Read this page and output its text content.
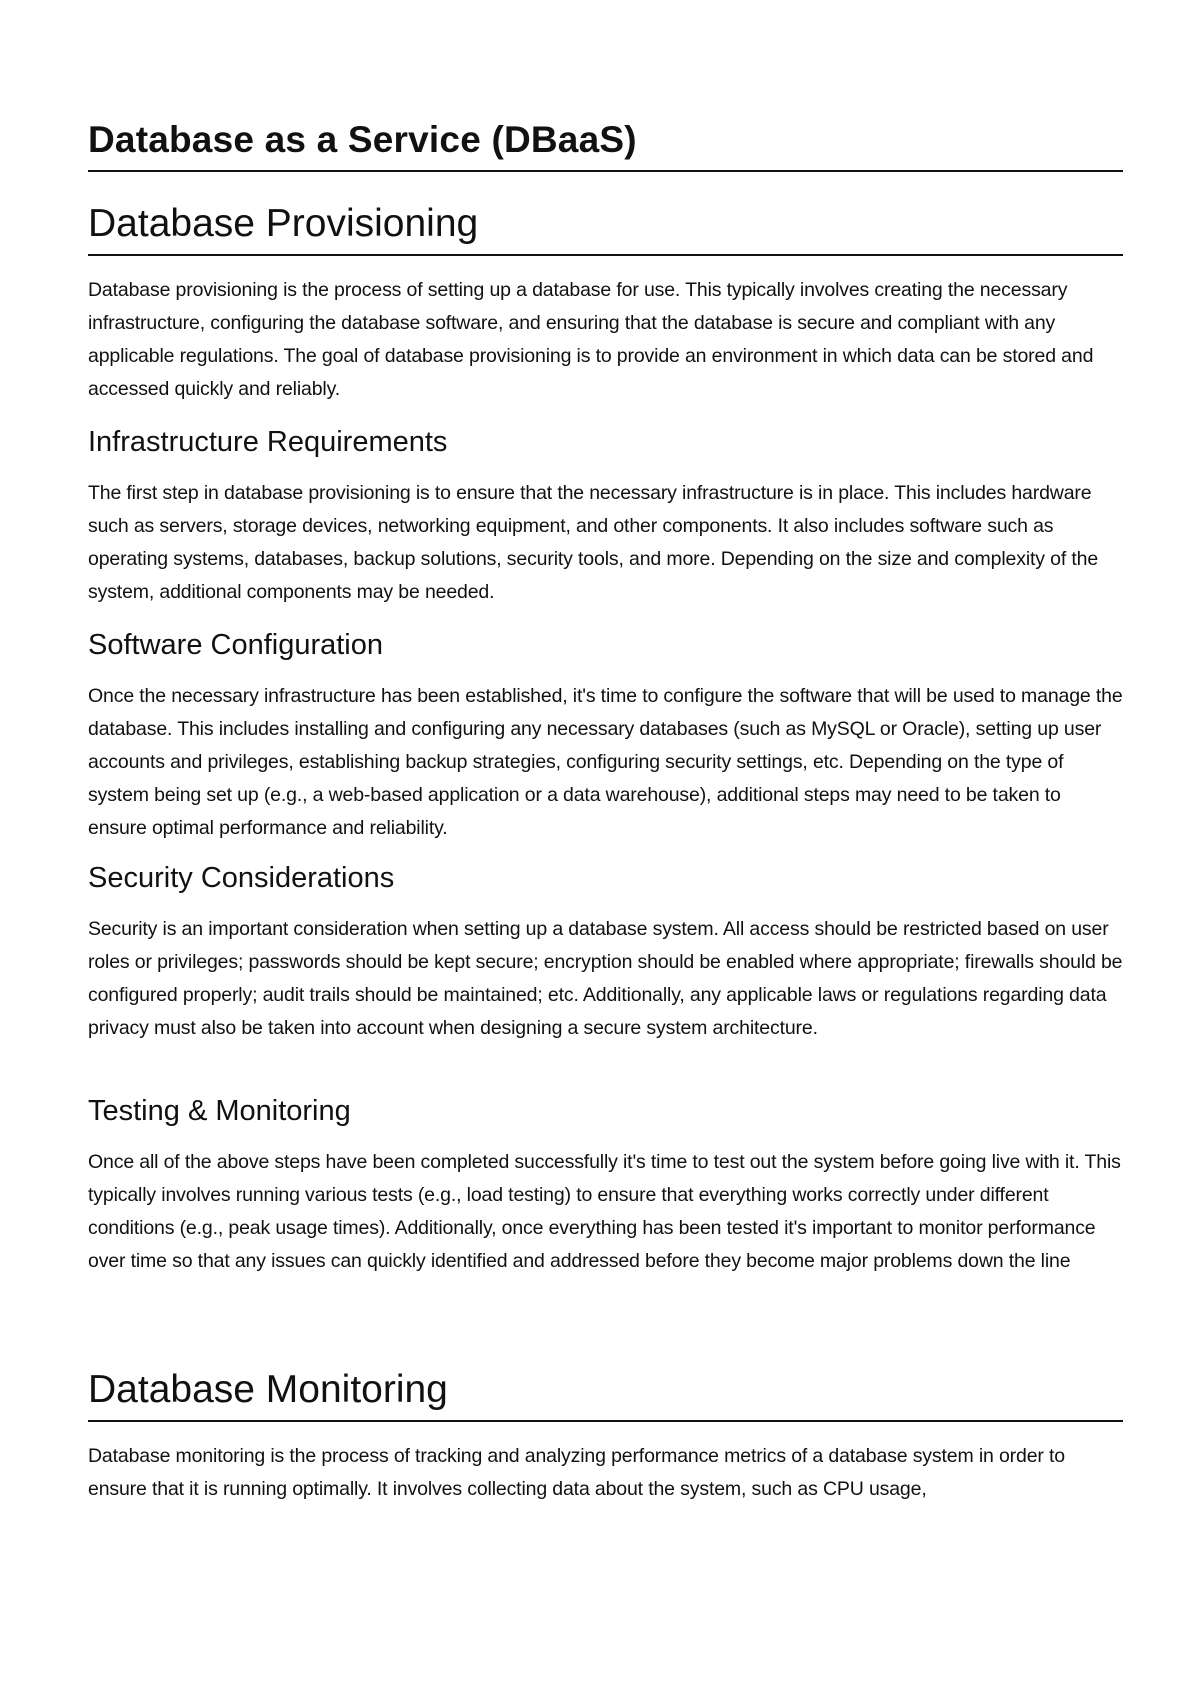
Database as a Service (DBaaS)
Database Provisioning

Database provisioning is the process of setting up a database for use. This typically involves creating the necessary infrastructure, configuring the database software, and ensuring that the database is secure and compliant with any applicable regulations. The goal of database provisioning is to provide an environment in which data can be stored and accessed quickly and reliably.

Infrastructure Requirements

The first step in database provisioning is to ensure that the necessary infrastructure is in place. This includes hardware such as servers, storage devices, networking equipment, and other components. It also includes software such as operating systems, databases, backup solutions, security tools, and more. Depending on the size and complexity of the system, additional components may be needed.

Software Configuration

Once the necessary infrastructure has been established, it's time to configure the software that will be used to manage the database. This includes installing and configuring any necessary databases (such as MySQL or Oracle), setting up user accounts and privileges, establishing backup strategies, configuring security settings, etc. Depending on the type of system being set up (e.g., a web-based application or a data warehouse), additional steps may need to be taken to ensure optimal performance and reliability.

Security Considerations

Security is an important consideration when setting up a database system. All access should be restricted based on user roles or privileges; passwords should be kept secure; encryption should be enabled where appropriate; firewalls should be configured properly; audit trails should be maintained; etc. Additionally, any applicable laws or regulations regarding data privacy must also be taken into account when designing a secure system architecture.

Testing & Monitoring

Once all of the above steps have been completed successfully it's time to test out the system before going live with it. This typically involves running various tests (e.g., load testing) to ensure that everything works correctly under different conditions (e.g., peak usage times). Additionally, once everything has been tested it's important to monitor performance over time so that any issues can quickly identified and addressed before they become major problems down the line

Database Monitoring

Database monitoring is the process of tracking and analyzing performance metrics of a database system in order to ensure that it is running optimally. It involves collecting data about the system, such as CPU usage,
